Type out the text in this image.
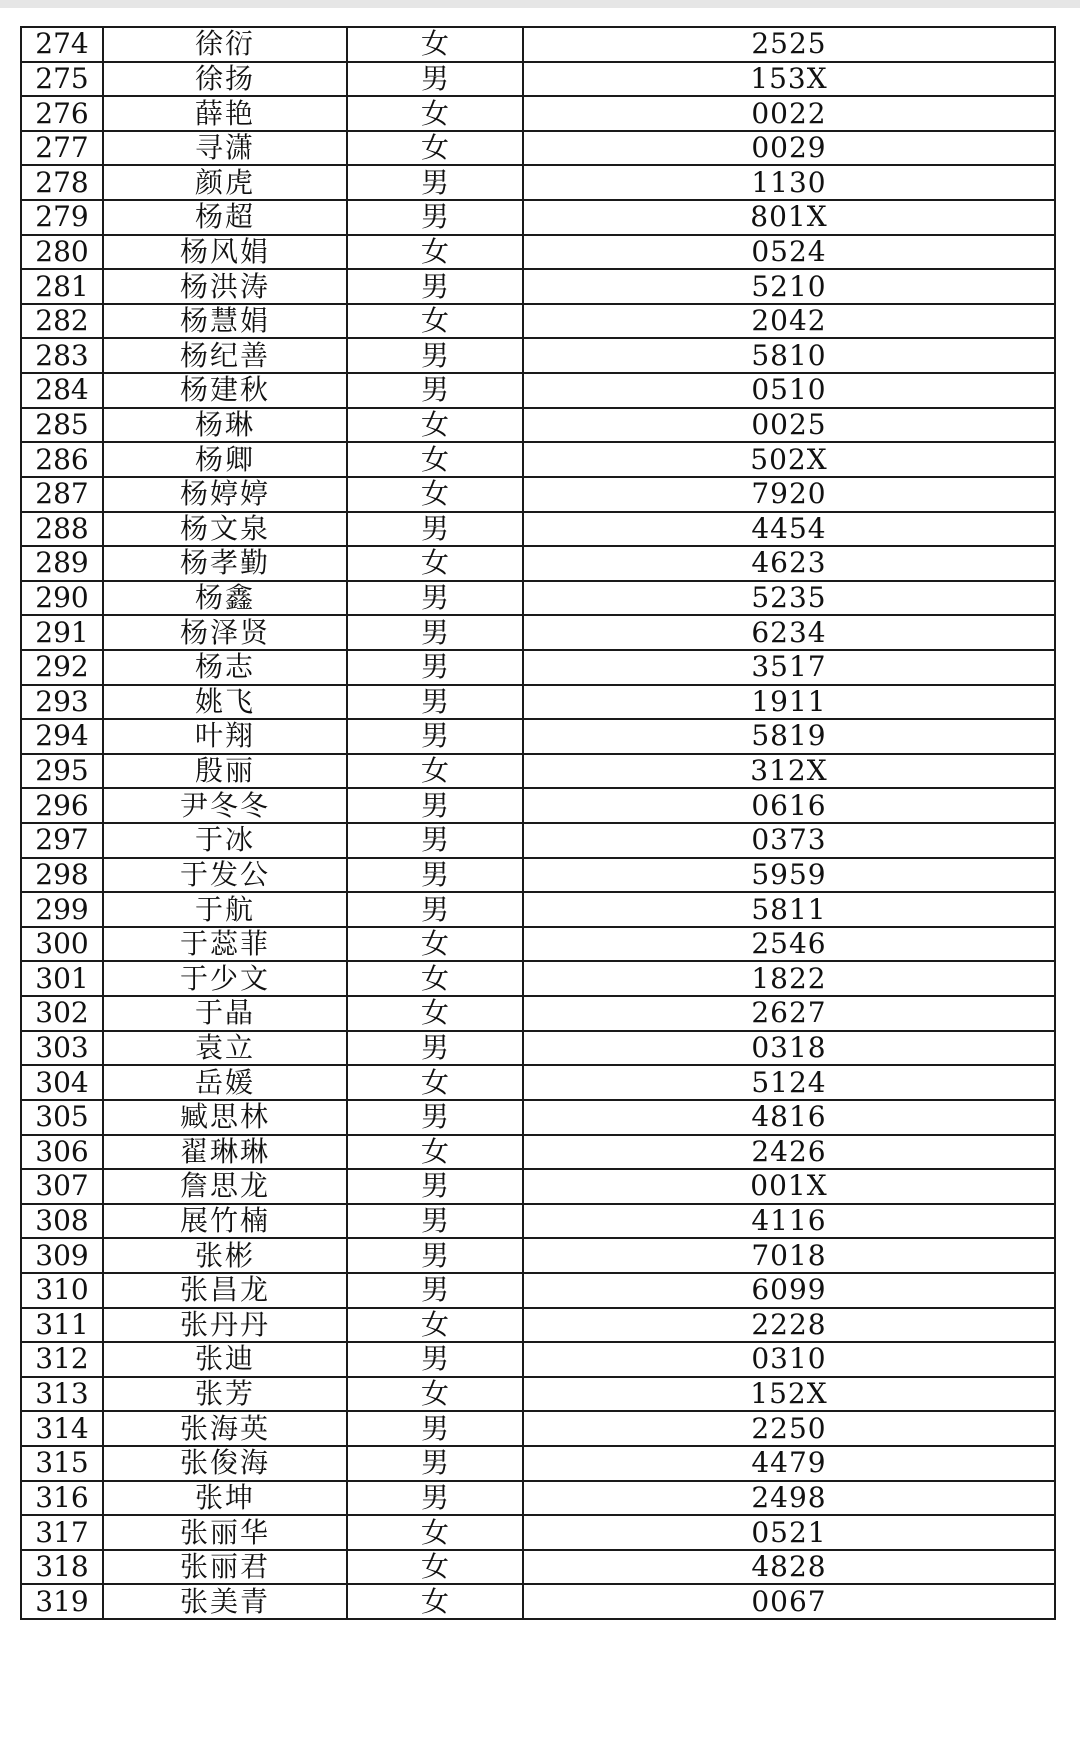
274	徐衍	女	2525
275	徐扬	男	153X
276	薛艳	女	0022
277	寻潇	女	0029
278	颜虎	男	1130
279	杨超	男	801X
280	杨风娟	女	0524
281	杨洪涛	男	5210
282	杨慧娟	女	2042
283	杨纪善	男	5810
284	杨建秋	男	0510
285	杨琳	女	0025
286	杨卿	女	502X
287	杨婷婷	女	7920
288	杨文泉	男	4454
289	杨孝勤	女	4623
290	杨鑫	男	5235
291	杨泽贤	男	6234
292	杨志	男	3517
293	姚飞	男	1911
294	叶翔	男	5819
295	殷丽	女	312X
296	尹冬冬	男	0616
297	于冰	男	0373
298	于发公	男	5959
299	于航	男	5811
300	于蕊菲	女	2546
301	于少文	女	1822
302	于晶	女	2627
303	袁立	男	0318
304	岳媛	女	5124
305	臧思林	男	4816
306	翟琳琳	女	2426
307	詹思龙	男	001X
308	展竹楠	男	4116
309	张彬	男	7018
310	张昌龙	男	6099
311	张丹丹	女	2228
312	张迪	男	0310
313	张芳	女	152X
314	张海英	男	2250
315	张俊海	男	4479
316	张坤	男	2498
317	张丽华	女	0521
318	张丽君	女	4828
319	张美青	女	0067
